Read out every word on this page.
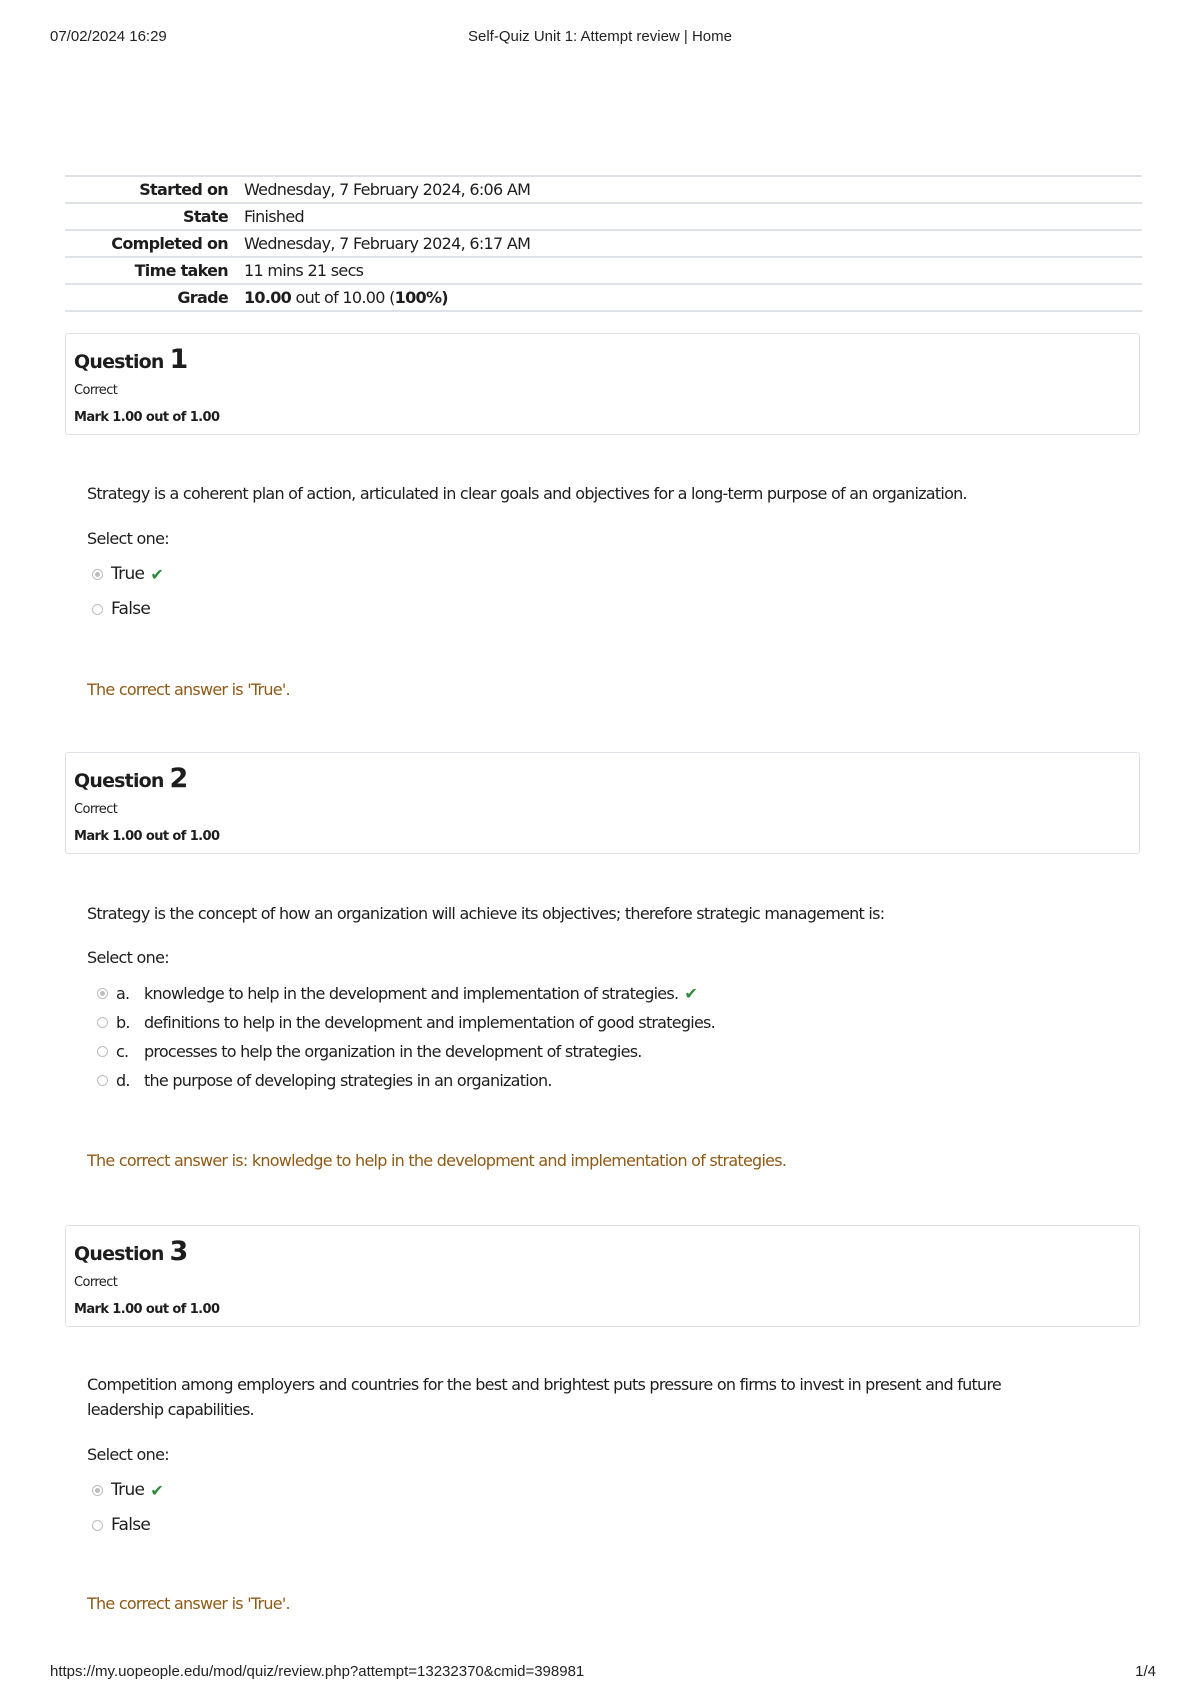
07/02/2024 16:29	Self-Quiz Unit 1: Attempt review | Home
Started on	Wednesday, 7 February 2024, 6:06 AM
State	Finished
Completed on	Wednesday, 7 February 2024, 6:17 AM
Time taken	11 mins 21 secs
Grade	10.00 out of 10.00 (100%)
Question 1
Correct
Mark 1.00 out of 1.00
Strategy is a coherent plan of action, articulated in clear goals and objectives for a long-term purpose of an organization.
Select one:
True ✔
False
The correct answer is 'True'.
Question 2
Correct
Mark 1.00 out of 1.00
Strategy is the concept of how an organization will achieve its objectives; therefore strategic management is:
Select one:
a. knowledge to help in the development and implementation of strategies. ✔
b. definitions to help in the development and implementation of good strategies.
c. processes to help the organization in the development of strategies.
d. the purpose of developing strategies in an organization.
The correct answer is: knowledge to help in the development and implementation of strategies.
Question 3
Correct
Mark 1.00 out of 1.00
Competition among employers and countries for the best and brightest puts pressure on firms to invest in present and future leadership capabilities.
Select one:
True ✔
False
The correct answer is 'True'.
https://my.uopeople.edu/mod/quiz/review.php?attempt=13232370&cmid=398981	1/4
